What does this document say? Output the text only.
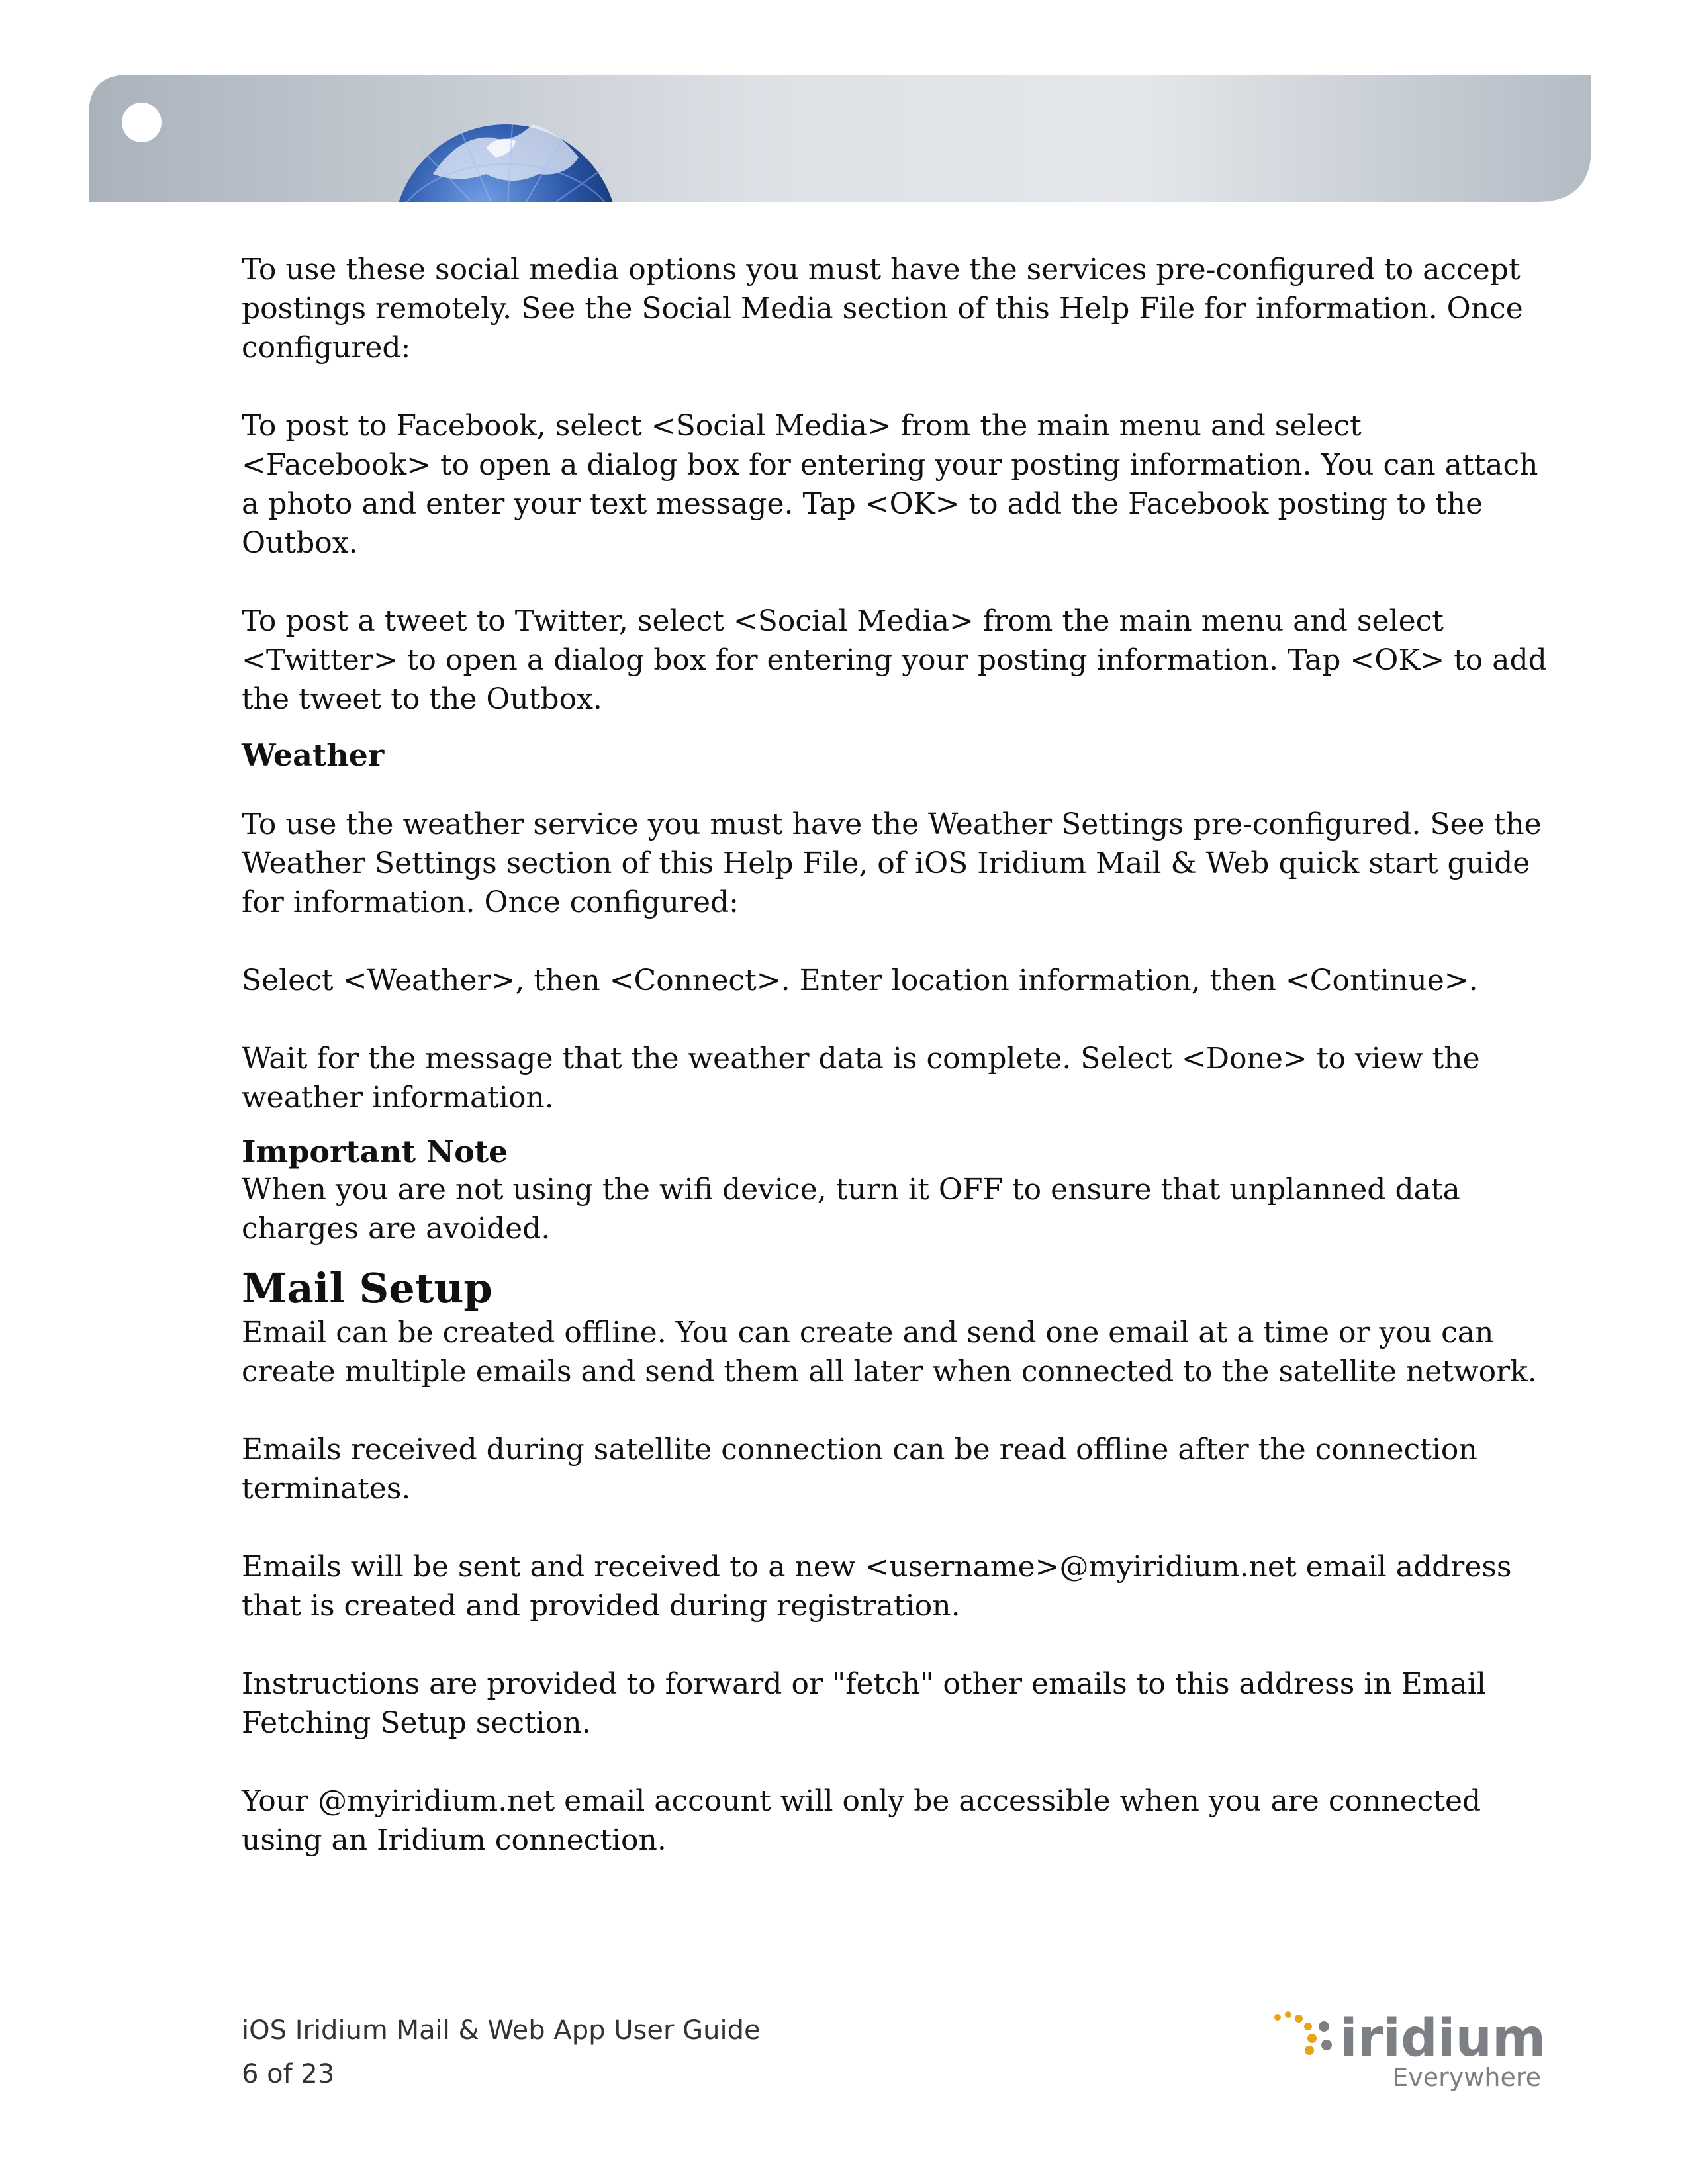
To use these social media options you must have the services pre-configured to accept postings remotely. See the Social Media section of this Help File for information. Once configured:

To post to Facebook, select <Social Media> from the main menu and select <Facebook> to open a dialog box for entering your posting information. You can attach a photo and enter your text message. Tap <OK> to add the Facebook posting to the Outbox.

To post a tweet to Twitter, select <Social Media> from the main menu and select <Twitter> to open a dialog box for entering your posting information. Tap <OK> to add the tweet to the Outbox.

Weather

To use the weather service you must have the Weather Settings pre-configured. See the Weather Settings section of this Help File, of iOS Iridium Mail & Web quick start guide for information. Once configured:

Select <Weather>, then <Connect>. Enter location information, then <Continue>.

Wait for the message that the weather data is complete. Select <Done> to view the weather information.

Important Note

When you are not using the wifi device, turn it OFF to ensure that unplanned data charges are avoided.

Mail Setup

Email can be created offline. You can create and send one email at a time or you can create multiple emails and send them all later when connected to the satellite network.

Emails received during satellite connection can be read offline after the connection terminates.

Emails will be sent and received to a new <username>@myiridium.net email address that is created and provided during registration.

Instructions are provided to forward or "fetch" other emails to this address in Email Fetching Setup section.

Your @myiridium.net email account will only be accessible when you are connected using an Iridium connection.

iOS Iridium Mail & Web App User Guide
6 of 23
iridium
Everywhere
